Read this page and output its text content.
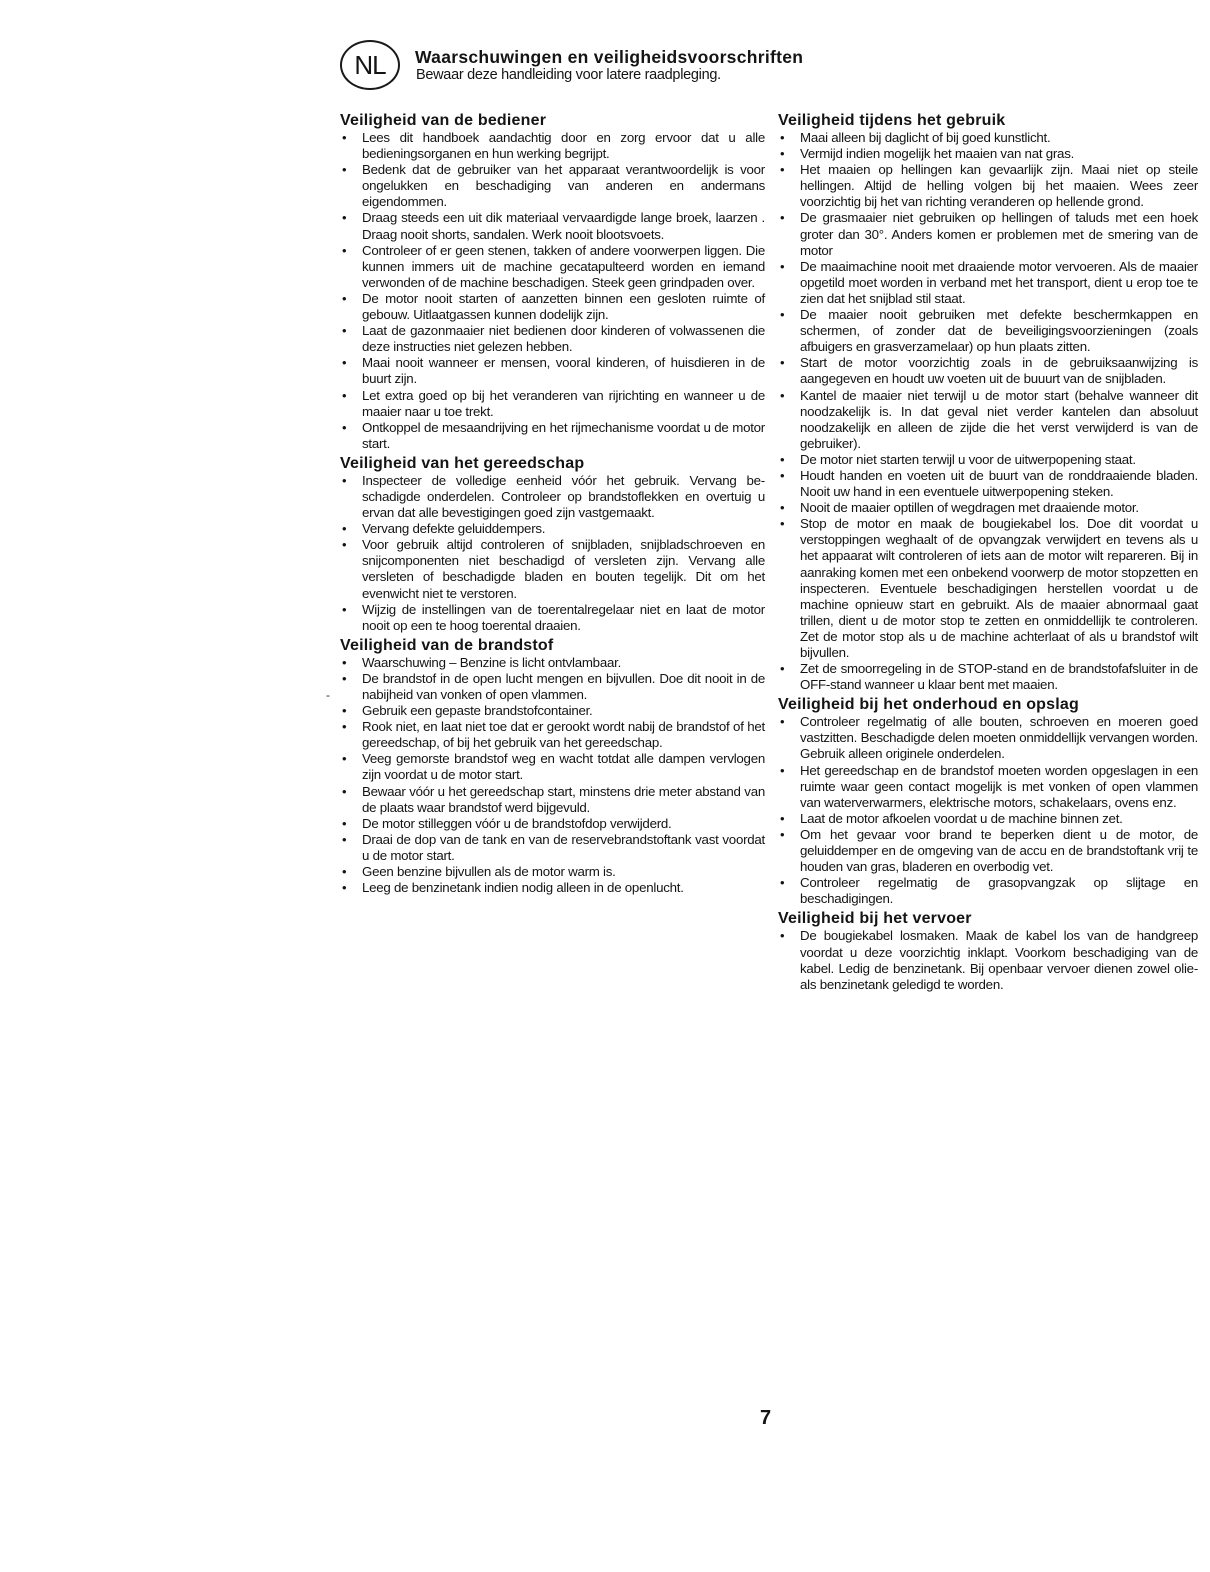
NL	Waarschuwingen en veiligheidsvoorschriften
Bewaar deze handleiding voor latere raadpleging.
Veiligheid van de bediener
• Lees dit handboek aandachtig door en zorg ervoor dat u alle bedieningsorganen en hun werking begrijpt.
• Bedenk dat de gebruiker van het apparaat verantwoordelijk is voor ongelukken en beschadiging van anderen en andermans eigendommen.
• Draag steeds een uit dik materiaal vervaardigde lange broek, laarzen . Draag nooit shorts, sandalen. Werk nooit blootsvoets.
• Controleer of er geen stenen, takken of andere voorwerpen liggen. Die kunnen immers uit de machine gecatapulteerd worden en iemand verwonden of de machine beschadigen. Steek geen grindpaden over.
• De motor nooit starten of aanzetten binnen een gesloten ruimte of gebouw. Uitlaatgassen kunnen dodelijk zijn.
• Laat de gazonmaaier niet bedienen door kinderen of volwassenen die deze instructies niet gelezen hebben.
• Maai nooit wanneer er mensen, vooral kinderen, of huisdieren in de buurt zijn.
• Let extra goed op bij het veranderen van rijrichting en wanneer u de maaier naar u toe trekt.
• Ontkoppel de mesaandrijving en het rijmechanisme voordat u de motor start.
Veiligheid van het gereedschap
• Inspecteer de volledige eenheid vóór het gebruik. Vervang be-schadigde onderdelen. Controleer op brandstoflekken en overtuig u ervan dat alle bevestigingen goed zijn vastgemaakt.
• Vervang defekte geluiddempers.
• Voor gebruik altijd controleren of snijbladen, snijbladschroeven en snijcomponenten niet beschadigd of versleten zijn. Vervang alle versleten of beschadigde bladen en bouten tegelijk. Dit om het evenwicht niet te verstoren.
• Wijzig de instellingen van de toerentalregelaar niet en laat de motor nooit op een te hoog toerental draaien.
Veiligheid van de brandstof
• Waarschuwing – Benzine is licht ontvlambaar.
• De brandstof in de open lucht mengen en bijvullen. Doe dit nooit in de nabijheid van vonken of open vlammen.
• Gebruik een gepaste brandstofcontainer.
• Rook niet, en laat niet toe dat er gerookt wordt nabij de brandstof of het gereedschap, of bij het gebruik van het gereedschap.
• Veeg gemorste brandstof weg en wacht totdat alle dampen vervlogen zijn voordat u de motor start.
• Bewaar vóór u het gereedschap start, minstens drie meter abstand van de plaats waar brandstof werd bijgevuld.
• De motor stilleggen vóór u de brandstofdop verwijderd.
• Draai de dop van de tank en van de reservebrandstoftank vast voordat u de motor start.
• Geen benzine bijvullen als de motor warm is.
• Leeg de benzinetank indien nodig alleen in de openlucht.
Veiligheid tijdens het gebruik
• Maai alleen bij daglicht of bij goed kunstlicht.
• Vermijd indien mogelijk het maaien van nat gras.
• Het maaien op hellingen kan gevaarlijk zijn. Maai niet op steile hellingen. Altijd de helling volgen bij het maaien. Wees zeer voorzichtig bij het van richting veranderen op hellende grond.
• De grasmaaier niet gebruiken op hellingen of taluds met een hoek groter dan 30°. Anders komen er problemen met de smering van de motor
• De maaimachine nooit met draaiende motor vervoeren. Als de maaier opgetild moet worden in verband met het transport, dient u erop toe te zien dat het snijblad stil staat.
• De maaier nooit gebruiken met defekte beschermkappen en schermen, of zonder dat de beveiligingsvoorzieningen (zoals afbuigers en grasverzamelaar) op hun plaats zitten.
• Start de motor voorzichtig zoals in de gebruiksaanwijzing is aangegeven en houdt uw voeten uit de buuurt van de snijbladen.
• Kantel de maaier niet terwijl u de motor start (behalve wanneer dit noodzakelijk is. In dat geval niet verder kantelen dan absoluut noodzakelijk en alleen de zijde die het verst verwijderd is van de gebruiker).
• De motor niet starten terwijl u voor de uitwerpopening staat.
• Houdt handen en voeten uit de buurt van de ronddraaiende bladen. Nooit uw hand in een eventuele uitwerpopening steken.
• Nooit de maaier optillen of wegdragen met draaiende motor.
• Stop de motor en maak de bougiekabel los. Doe dit voordat u verstoppingen weghaalt of de opvangzak verwijdert en tevens als u het appaarat wilt controleren of iets aan de motor wilt repareren. Bij in aanraking komen met een onbekend voorwerp de motor stopzetten en inspecteren. Eventuele beschadigingen herstellen voordat u de machine opnieuw start en gebruikt. Als de maaier abnormaal gaat trillen, dient u de motor stop te zetten en onmiddellijk te controleren. Zet de motor stop als u de machine achterlaat of als u brandstof wilt bijvullen.
• Zet de smoorregeling in de STOP-stand en de brandstofafsluiter in de OFF-stand wanneer u klaar bent met maaien.
Veiligheid bij het onderhoud en opslag
• Controleer regelmatig of alle bouten, schroeven en moeren goed vastzitten. Beschadigde delen moeten onmiddellijk vervangen worden. Gebruik alleen originele onderdelen.
• Het gereedschap en de brandstof moeten worden opgeslagen in een ruimte waar geen contact mogelijk is met vonken of open vlammen van waterverwarmers, elektrische motors, schakelaars, ovens enz.
• Laat de motor afkoelen voordat u de machine binnen zet.
• Om het gevaar voor brand te beperken dient u de motor, de geluiddemper en de omgeving van de accu en de brandstoftank vrij te houden van gras, bladeren en overbodig vet.
• Controleer regelmatig de grasopvangzak op slijtage en beschadigingen.
Veiligheid bij het vervoer
• De bougiekabel losmaken. Maak de kabel los van de handgreep voordat u deze voorzichtig inklapt. Voorkom beschadiging van de kabel. Ledig de benzinetank. Bij openbaar vervoer dienen zowel olie-als benzinetank geledigd te worden.
-
7
